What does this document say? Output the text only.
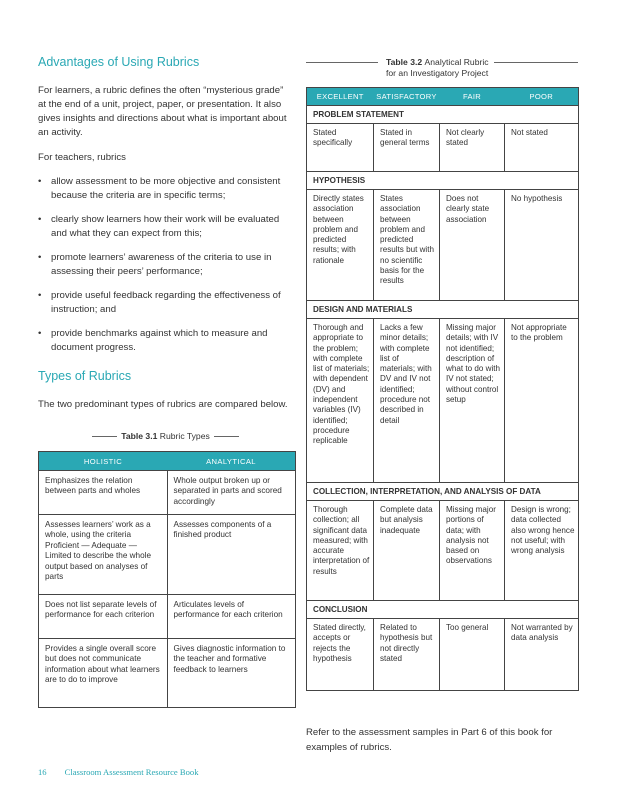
Advantages of Using Rubrics

For learners, a rubric defines the often “mysterious grade” at the end of a unit, project, paper, or presentation. It also gives insights and directions about what is important about an activity.

For teachers, rubrics

• allow assessment to be more objective and consistent because the criteria are in specific terms;
• clearly show learners how their work will be evaluated and what they can expect from this;
• promote learners’ awareness of the criteria to use in assessing their peers’ performance;
• provide useful feedback regarding the effectiveness of instruction; and
• provide benchmarks against which to measure and document progress.
Types of Rubrics

The two predominant types of rubrics are compared below.

Table 3.1 Rubric Types
HOLISTIC	ANALYTICAL
Emphasizes the relation between parts and wholes	Whole output broken up or separated in parts and scored accordingly
Assesses learners’ work as a whole, using the criteria Proficient — Adequate — Limited to describe the whole output based on analyses of parts	Assesses components of a finished product
Does not list separate levels of performance for each criterion	Articulates levels of performance for each criterion
Provides a single overall score but does not communicate information about what learners are to do to improve	Gives diagnostic information to the teacher and formative feedback to learners
Table 3.2 Analytical Rubric
for an Investigatory Project
EXCELLENT	SATISFACTORY	FAIR	POOR
PROBLEM STATEMENT			
Stated specifically	Stated in general terms	Not clearly stated	Not stated
HYPOTHESIS			
Directly states association between problem and predicted results; with rationale	States association between problem and predicted results but with no scientific basis for the results	Does not clearly state association	No hypothesis
DESIGN AND MATERIALS			
Thorough and appropriate to the problem; with complete list of materials; with dependent (DV) and independent variables (IV) identified; procedure replicable	Lacks a few minor details; with complete list of materials; with DV and IV not identified; procedure not described in detail	Missing major details; with IV not identified; description of what to do with IV not stated; without control setup	Not appropriate to the problem
COLLECTION, INTERPRETATION, AND ANALYSIS OF DATA			
Thorough collection; all significant data measured; with accurate interpretation of results	Complete data but analysis inadequate	Missing major portions of data; with analysis not based on observations	Design is wrong; data collected also wrong hence not useful; with wrong analysis
CONCLUSION			
Stated directly, accepts or rejects the hypothesis	Related to hypothesis but not directly stated	Too general	Not warranted by data analysis

Refer to the assessment samples in Part 6 of this book for examples of rubrics.

16 Classroom Assessment Resource Book
